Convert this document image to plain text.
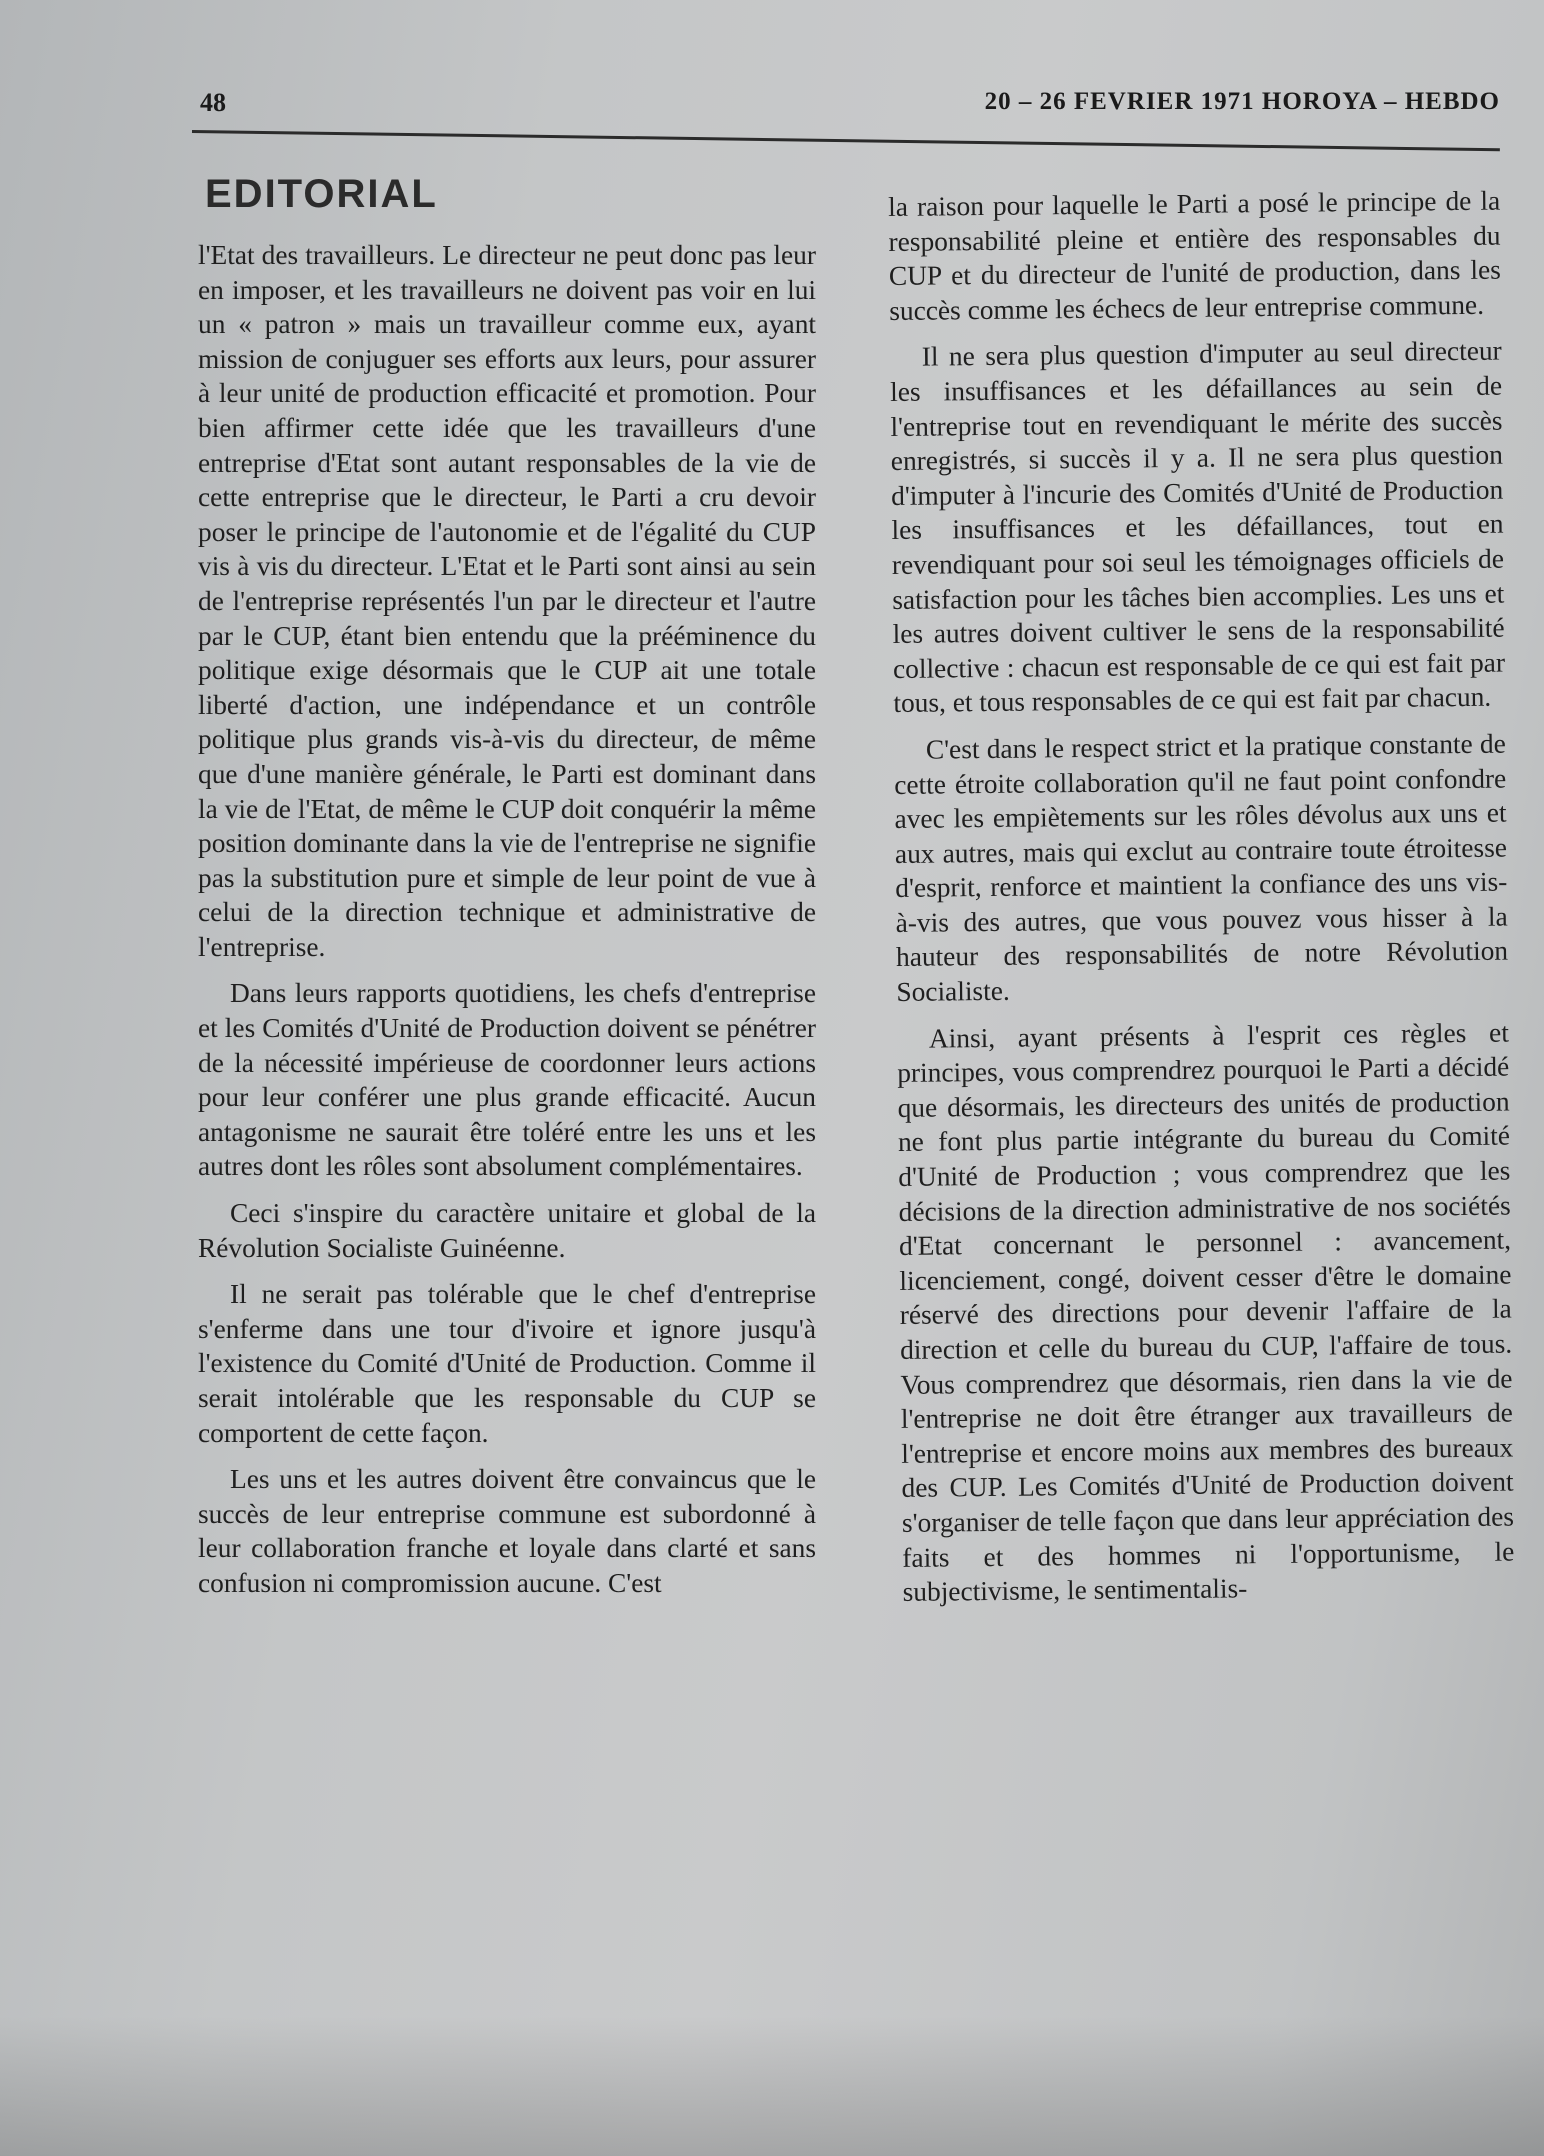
48	20 – 26 FEVRIER 1971 HOROYA – HEBDO
EDITORIAL

l'Etat des travailleurs. Le directeur ne peut donc pas leur en imposer, et les travailleurs ne doivent pas voir en lui un « patron » mais un travailleur comme eux, ayant mission de conjuguer ses efforts aux leurs, pour assurer à leur unité de production efficacité et promotion. Pour bien affirmer cette idée que les travailleurs d'une entreprise d'Etat sont autant responsables de la vie de cette entreprise que le directeur, le Parti a cru devoir poser le principe de l'autonomie et de l'égalité du CUP vis à vis du directeur. L'Etat et le Parti sont ainsi au sein de l'entreprise représentés l'un par le directeur et l'autre par le CUP, étant bien entendu que la prééminence du politique exige désormais que le CUP ait une totale liberté d'action, une indépendance et un contrôle politique plus grands vis-à-vis du directeur, de même que d'une manière générale, le Parti est dominant dans la vie de l'Etat, de même le CUP doit conquérir la même position dominante dans la vie de l'entreprise ne signifie pas la substitution pure et simple de leur point de vue à celui de la direction technique et administrative de l'entreprise.

Dans leurs rapports quotidiens, les chefs d'entreprise et les Comités d'Unité de Production doivent se pénétrer de la nécessité impérieuse de coordonner leurs actions pour leur conférer une plus grande efficacité. Aucun antagonisme ne saurait être toléré entre les uns et les autres dont les rôles sont absolument complémentaires.

Ceci s'inspire du caractère unitaire et global de la Révolution Socialiste Guinéenne.

Il ne serait pas tolérable que le chef d'entreprise s'enferme dans une tour d'ivoire et ignore jusqu'à l'existence du Comité d'Unité de Production. Comme il serait intolérable que les responsable du CUP se comportent de cette façon.

Les uns et les autres doivent être convaincus que le succès de leur entreprise commune est subordonné à leur collaboration franche et loyale dans clarté et sans confusion ni compromission aucune. C'est

la raison pour laquelle le Parti a posé le principe de la responsabilité pleine et entière des responsables du CUP et du directeur de l'unité de production, dans les succès comme les échecs de leur entreprise commune.

Il ne sera plus question d'imputer au seul directeur les insuffisances et les défaillances au sein de l'entreprise tout en revendiquant le mérite des succès enregistrés, si succès il y a. Il ne sera plus question d'imputer à l'incurie des Comités d'Unité de Production les insuffisances et les défaillances, tout en revendiquant pour soi seul les témoignages officiels de satisfaction pour les tâches bien accomplies. Les uns et les autres doivent cultiver le sens de la responsabilité collective : chacun est responsable de ce qui est fait par tous, et tous responsables de ce qui est fait par chacun.

C'est dans le respect strict et la pratique constante de cette étroite collaboration qu'il ne faut point confondre avec les empiètements sur les rôles dévolus aux uns et aux autres, mais qui exclut au contraire toute étroitesse d'esprit, renforce et maintient la confiance des uns vis-à-vis des autres, que vous pouvez vous hisser à la hauteur des responsabilités de notre Révolution Socialiste.

Ainsi, ayant présents à l'esprit ces règles et principes, vous comprendrez pourquoi le Parti a décidé que désormais, les directeurs des unités de production ne font plus partie intégrante du bureau du Comité d'Unité de Production ; vous comprendrez que les décisions de la direction administrative de nos sociétés d'Etat concernant le personnel : avancement, licenciement, congé, doivent cesser d'être le domaine réservé des directions pour devenir l'affaire de la direction et celle du bureau du CUP, l'affaire de tous. Vous comprendrez que désormais, rien dans la vie de l'entreprise ne doit être étranger aux travailleurs de l'entreprise et encore moins aux membres des bureaux des CUP. Les Comités d'Unité de Production doivent s'organiser de telle façon que dans leur appréciation des faits et des hommes ni l'opportunisme, le subjectivisme, le sentimentalis-
